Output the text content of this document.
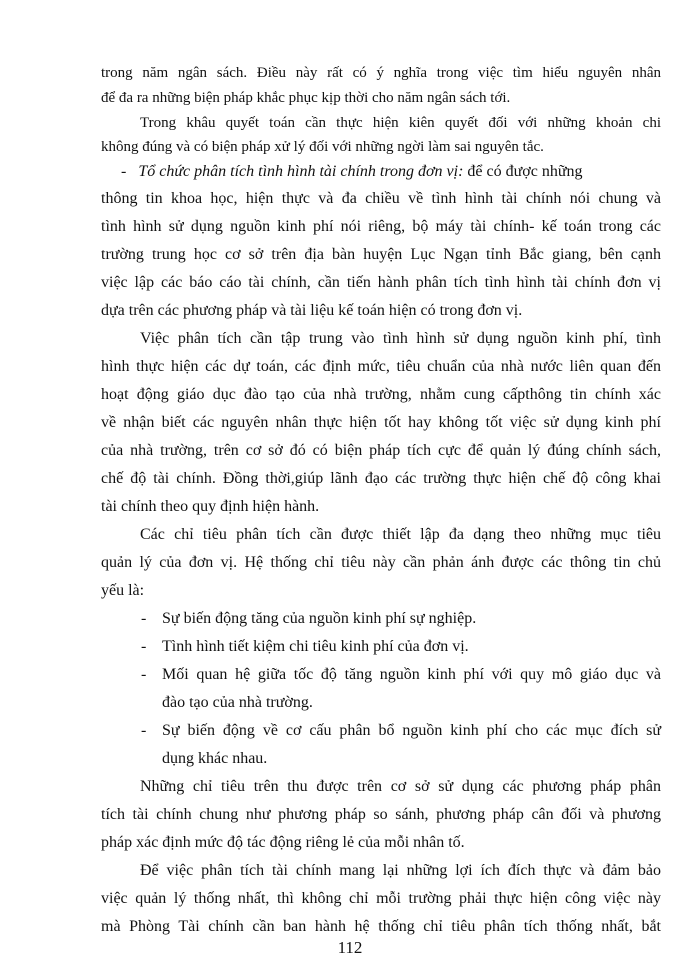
trong năm ngân sách. Điều này rất có ý nghĩa trong việc tìm hiểu nguyên nhân
để đa ra những biện pháp khắc phục kịp thời cho năm ngân sách tới.
Trong khâu quyết toán cần thực hiện kiên quyết đối với những khoản chi
không đúng và có biện pháp xử lý đối với những ngời làm sai nguyên tắc.
- Tổ chức phân tích tình hình tài chính trong đơn vị: để có được những
thông tin khoa học, hiện thực và đa chiều về tình hình tài chính nói chung và
tình hình sử dụng nguồn kinh phí nói riêng, bộ máy tài chính- kế toán trong các
trường trung học cơ sở trên địa bàn huyện Lục Ngạn tỉnh Bắc giang, bên cạnh
việc lập các báo cáo tài chính, cần tiến hành phân tích tình hình tài chính đơn vị
dựa trên các phương pháp và tài liệu kế toán hiện có trong đơn vị.
Việc phân tích cần tập trung vào tình hình sử dụng nguồn kinh phí, tình
hình thực hiện các dự toán, các định mức, tiêu chuẩn của nhà nước liên quan đến
hoạt động giáo dục đào tạo của nhà trường, nhằm cung cấpthông tin chính xác
về nhận biết các nguyên nhân thực hiện tốt hay không tốt việc sử dụng kinh phí
của nhà trường, trên cơ sở đó có biện pháp tích cực để quản lý đúng chính sách,
chế độ tài chính. Đồng thời,giúp lãnh đạo các trường thực hiện chế độ công khai
tài chính theo quy định hiện hành.
Các chỉ tiêu phân tích cần được thiết lập đa dạng theo những mục tiêu
quản lý của đơn vị. Hệ thống chỉ tiêu này cần phản ánh được các thông tin chủ
yếu là:
- Sự biến động tăng của nguồn kinh phí sự nghiệp.
- Tình hình tiết kiệm chi tiêu kinh phí của đơn vị.
- Mối quan hệ giữa tốc độ tăng nguồn kinh phí với quy mô giáo dục và
đào tạo của nhà trường.
- Sự biến động về cơ cấu phân bổ nguồn kinh phí cho các mục đích sử
dụng khác nhau.
Những chỉ tiêu trên thu được trên cơ sở sử dụng các phương pháp phân
tích tài chính chung như phương pháp so sánh, phương pháp cân đối và phương
pháp xác định mức độ tác động riêng lẻ của mỗi nhân tố.
Để việc phân tích tài chính mang lại những lợi ích đích thực và đảm bảo
việc quản lý thống nhất, thì không chỉ mỗi trường phải thực hiện công việc này
mà Phòng Tài chính cần ban hành hệ thống chỉ tiêu phân tích thống nhất, bắt
112
